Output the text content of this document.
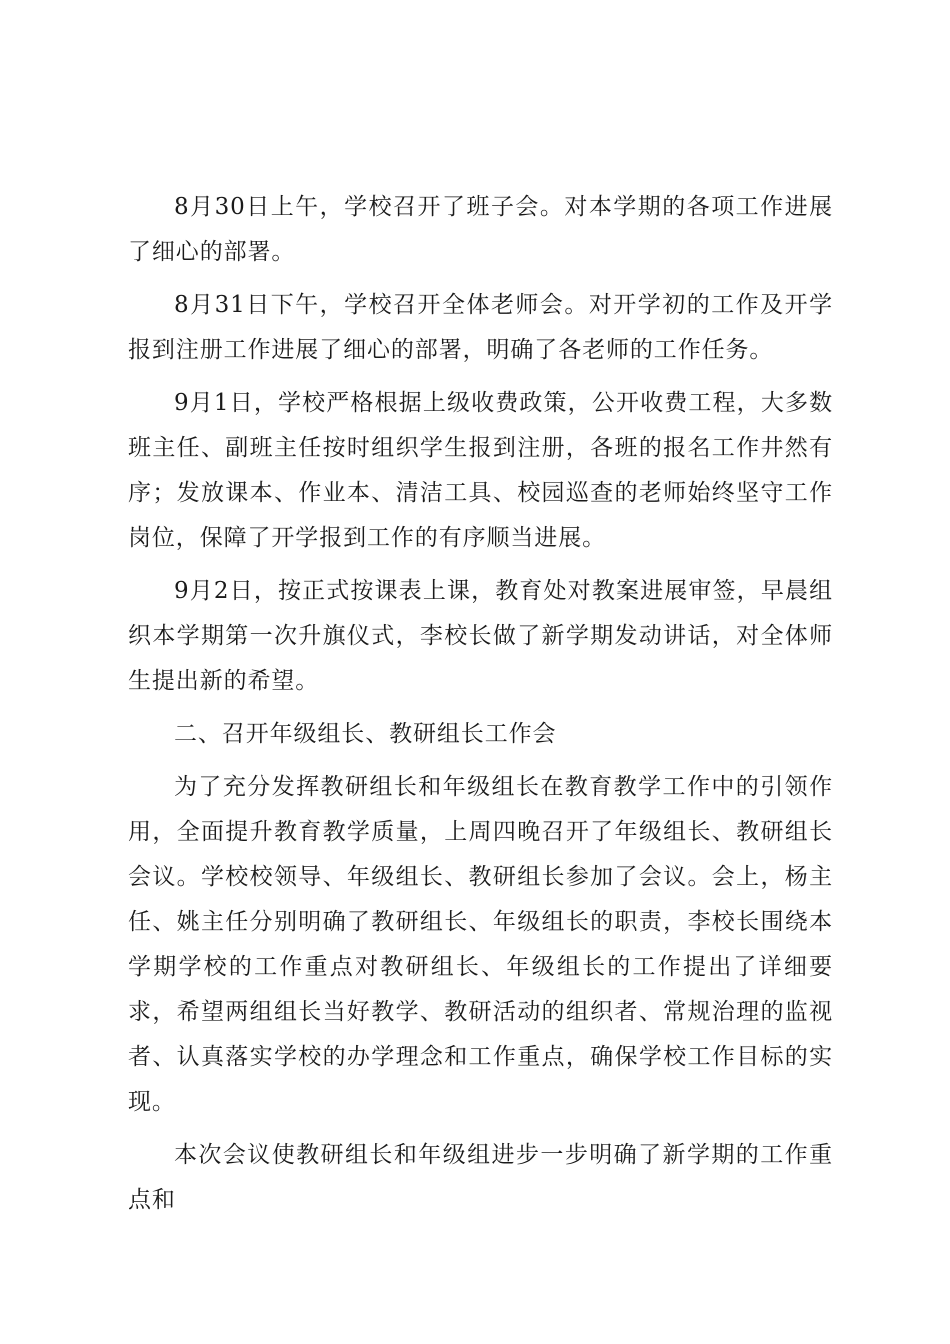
8月30日上午，学校召开了班子会。对本学期的各项工作进展了细心的部署。

8月31日下午，学校召开全体老师会。对开学初的工作及开学报到注册工作进展了细心的部署，明确了各老师的工作任务。

9月1日，学校严格根据上级收费政策，公开收费工程，大多数班主任、副班主任按时组织学生报到注册，各班的报名工作井然有序；发放课本、作业本、清洁工具、校园巡查的老师始终坚守工作岗位，保障了开学报到工作的有序顺当进展。

9月2日，按正式按课表上课，教育处对教案进展审签，早晨组织本学期第一次升旗仪式，李校长做了新学期发动讲话，对全体师生提出新的希望。

二、召开年级组长、教研组长工作会

为了充分发挥教研组长和年级组长在教育教学工作中的引领作用，全面提升教育教学质量，上周四晚召开了年级组长、教研组长会议。学校校领导、年级组长、教研组长参加了会议。会上，杨主任、姚主任分别明确了教研组长、年级组长的职责，李校长围绕本学期学校的工作重点对教研组长、年级组长的工作提出了详细要求，希望两组组长当好教学、教研活动的组织者、常规治理的监视者、认真落实学校的办学理念和工作重点，确保学校工作目标的实现。

本次会议使教研组长和年级组进步一步明确了新学期的工作重点和
